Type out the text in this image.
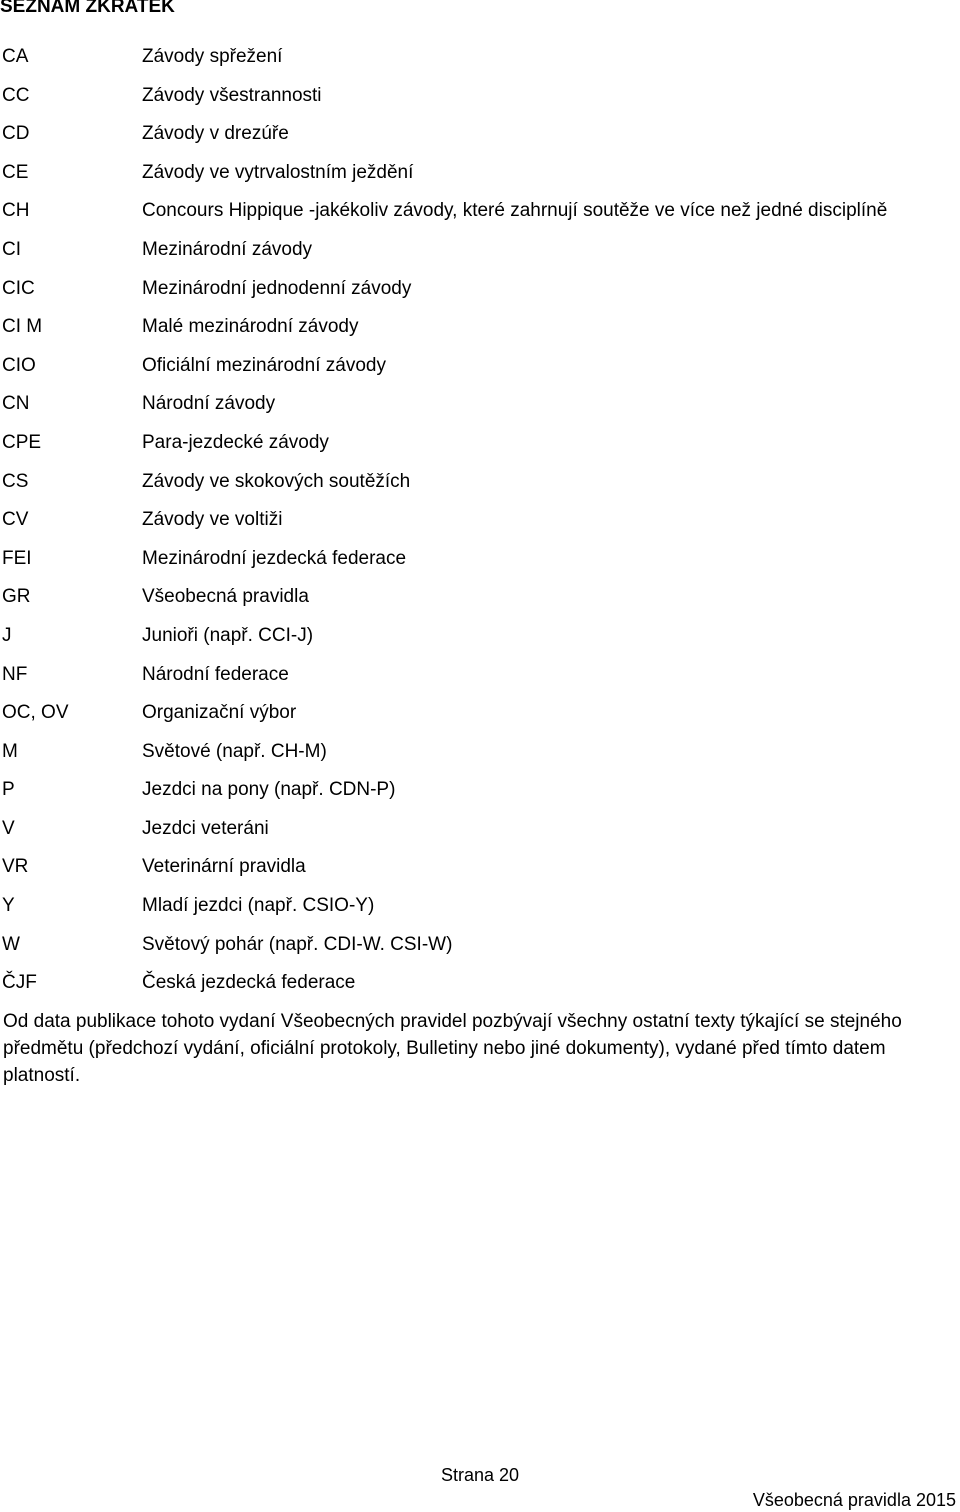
SEZNAM ZKRATEK
CA	Závody spřežení
CC	Závody všestrannosti
CD	Závody v drezúře
CE	Závody ve vytrvalostním ježdění
CH	Concours Hippique -jakékoliv závody, které zahrnují soutěže ve více než jedné disciplíně
CI	Mezinárodní závody
CIC	Mezinárodní jednodenní závody
CI M	Malé mezinárodní závody
CIO	Oficiální mezinárodní závody
CN	Národní závody
CPE	Para-jezdecké závody
CS	Závody ve skokových soutěžích
CV	Závody ve voltiži
FEI	Mezinárodní jezdecká federace
GR	Všeobecná pravidla
J	Junioři (např. CCI-J)
NF	Národní federace
OC, OV	Organizační výbor
M	Světové (např. CH-M)
P	Jezdci na pony (např. CDN-P)
V	Jezdci veteráni
VR	Veterinární pravidla
Y	Mladí jezdci (např. CSIO-Y)
W	Světový pohár (např. CDI-W. CSI-W)
ČJF	Česká jezdecká federace
Od data publikace tohoto vydaní Všeobecných pravidel pozbývají všechny ostatní texty týkající se stejného předmětu (předchozí vydání, oficiální protokoly, Bulletiny nebo jiné dokumenty), vydané před tímto datem platností.
Strana 20
Všeobecná pravidla 2015
